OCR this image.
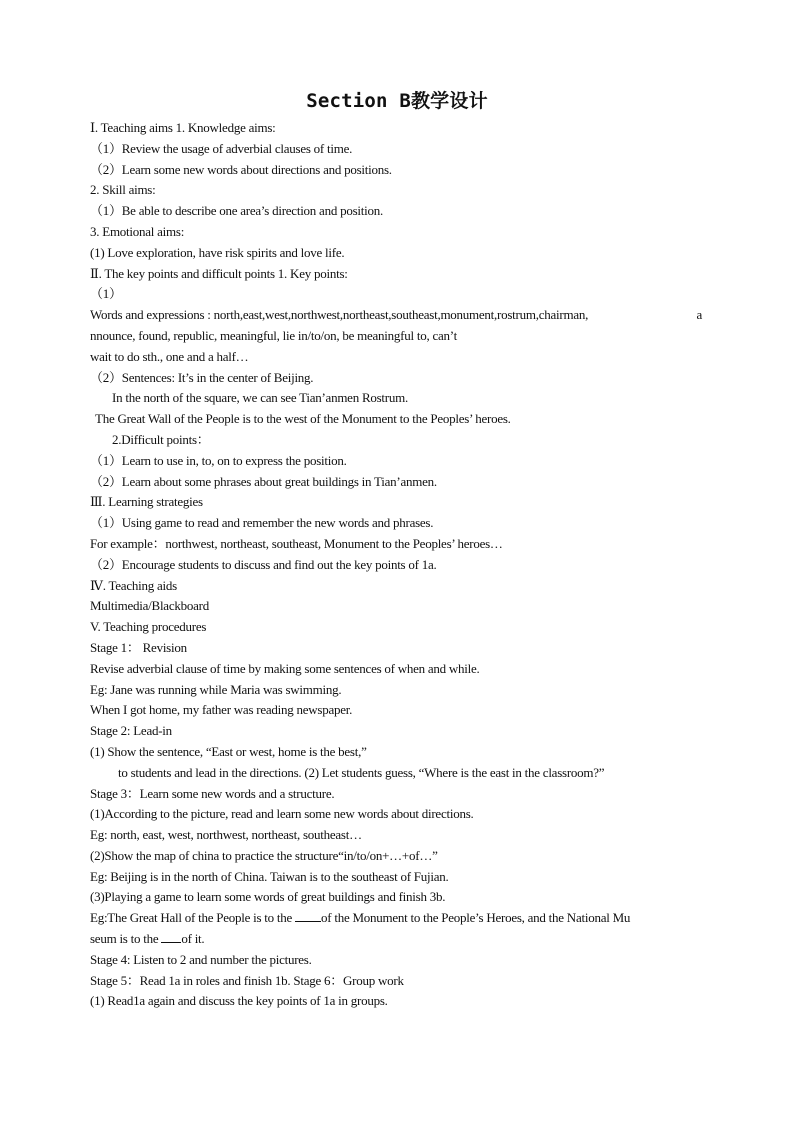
Section B教学设计
Ⅰ. Teaching aims 1. Knowledge aims:
（1）Review the usage of adverbial clauses of time.
（2）Learn some new words about directions and positions.
2. Skill aims:
（1）Be able to describe one area’s direction and position.
3. Emotional aims:
(1) Love exploration, have risk spirits and love life.
Ⅱ. The key points and difficult points 1. Key points:
（1）
Words and expressions : north,east,west,northwest,northeast,southeast,monument,rostrum,chairman,	a
nnounce, found, republic, meaningful, lie in/to/on, be meaningful to, can’t
wait to do sth., one and a half…
（2）Sentences: It’s in the center of Beijing.
In the north of the square, we can see Tian’anmen Rostrum.
The Great Wall of the People is to the west of the Monument to the Peoples’ heroes.
2.Difficult points：
（1）Learn to use in, to, on to express the position.
（2）Learn about some phrases about great buildings in Tian’anmen.
Ⅲ. Learning strategies
（1）Using game to read and remember the new words and phrases.
For example：northwest, northeast, southeast, Monument to the Peoples’ heroes…
（2）Encourage students to discuss and find out the key points of 1a.
Ⅳ. Teaching aids
Multimedia/Blackboard
V. Teaching procedures
Stage 1： Revision
Revise adverbial clause of time by making some sentences of when and while.
Eg: Jane was running while Maria was swimming.
When I got home, my father was reading newspaper.
Stage 2: Lead-in
(1) Show the sentence, “East or west, home is the best,”
to students and lead in the directions. (2) Let students guess, “Where is the east in the classroom?”
Stage 3：Learn some new words and a structure.
(1)According to the picture, read and learn some new words about directions.
Eg: north, east, west, northwest, northeast, southeast…
(2)Show the map of china to practice the structure“in/to/on+…+of…”
Eg: Beijing is in the north of China. Taiwan is to the southeast of Fujian.
(3)Playing a game to learn some words of great buildings and finish 3b.
Eg:The Great Hall of the People is to the of the Monument to the People’s Heroes, and the National Mu
seum is to the of it.
Stage 4: Listen to 2 and number the pictures.
Stage 5：Read 1a in roles and finish 1b. Stage 6：Group work
(1) Read1a again and discuss the key points of 1a in groups.
